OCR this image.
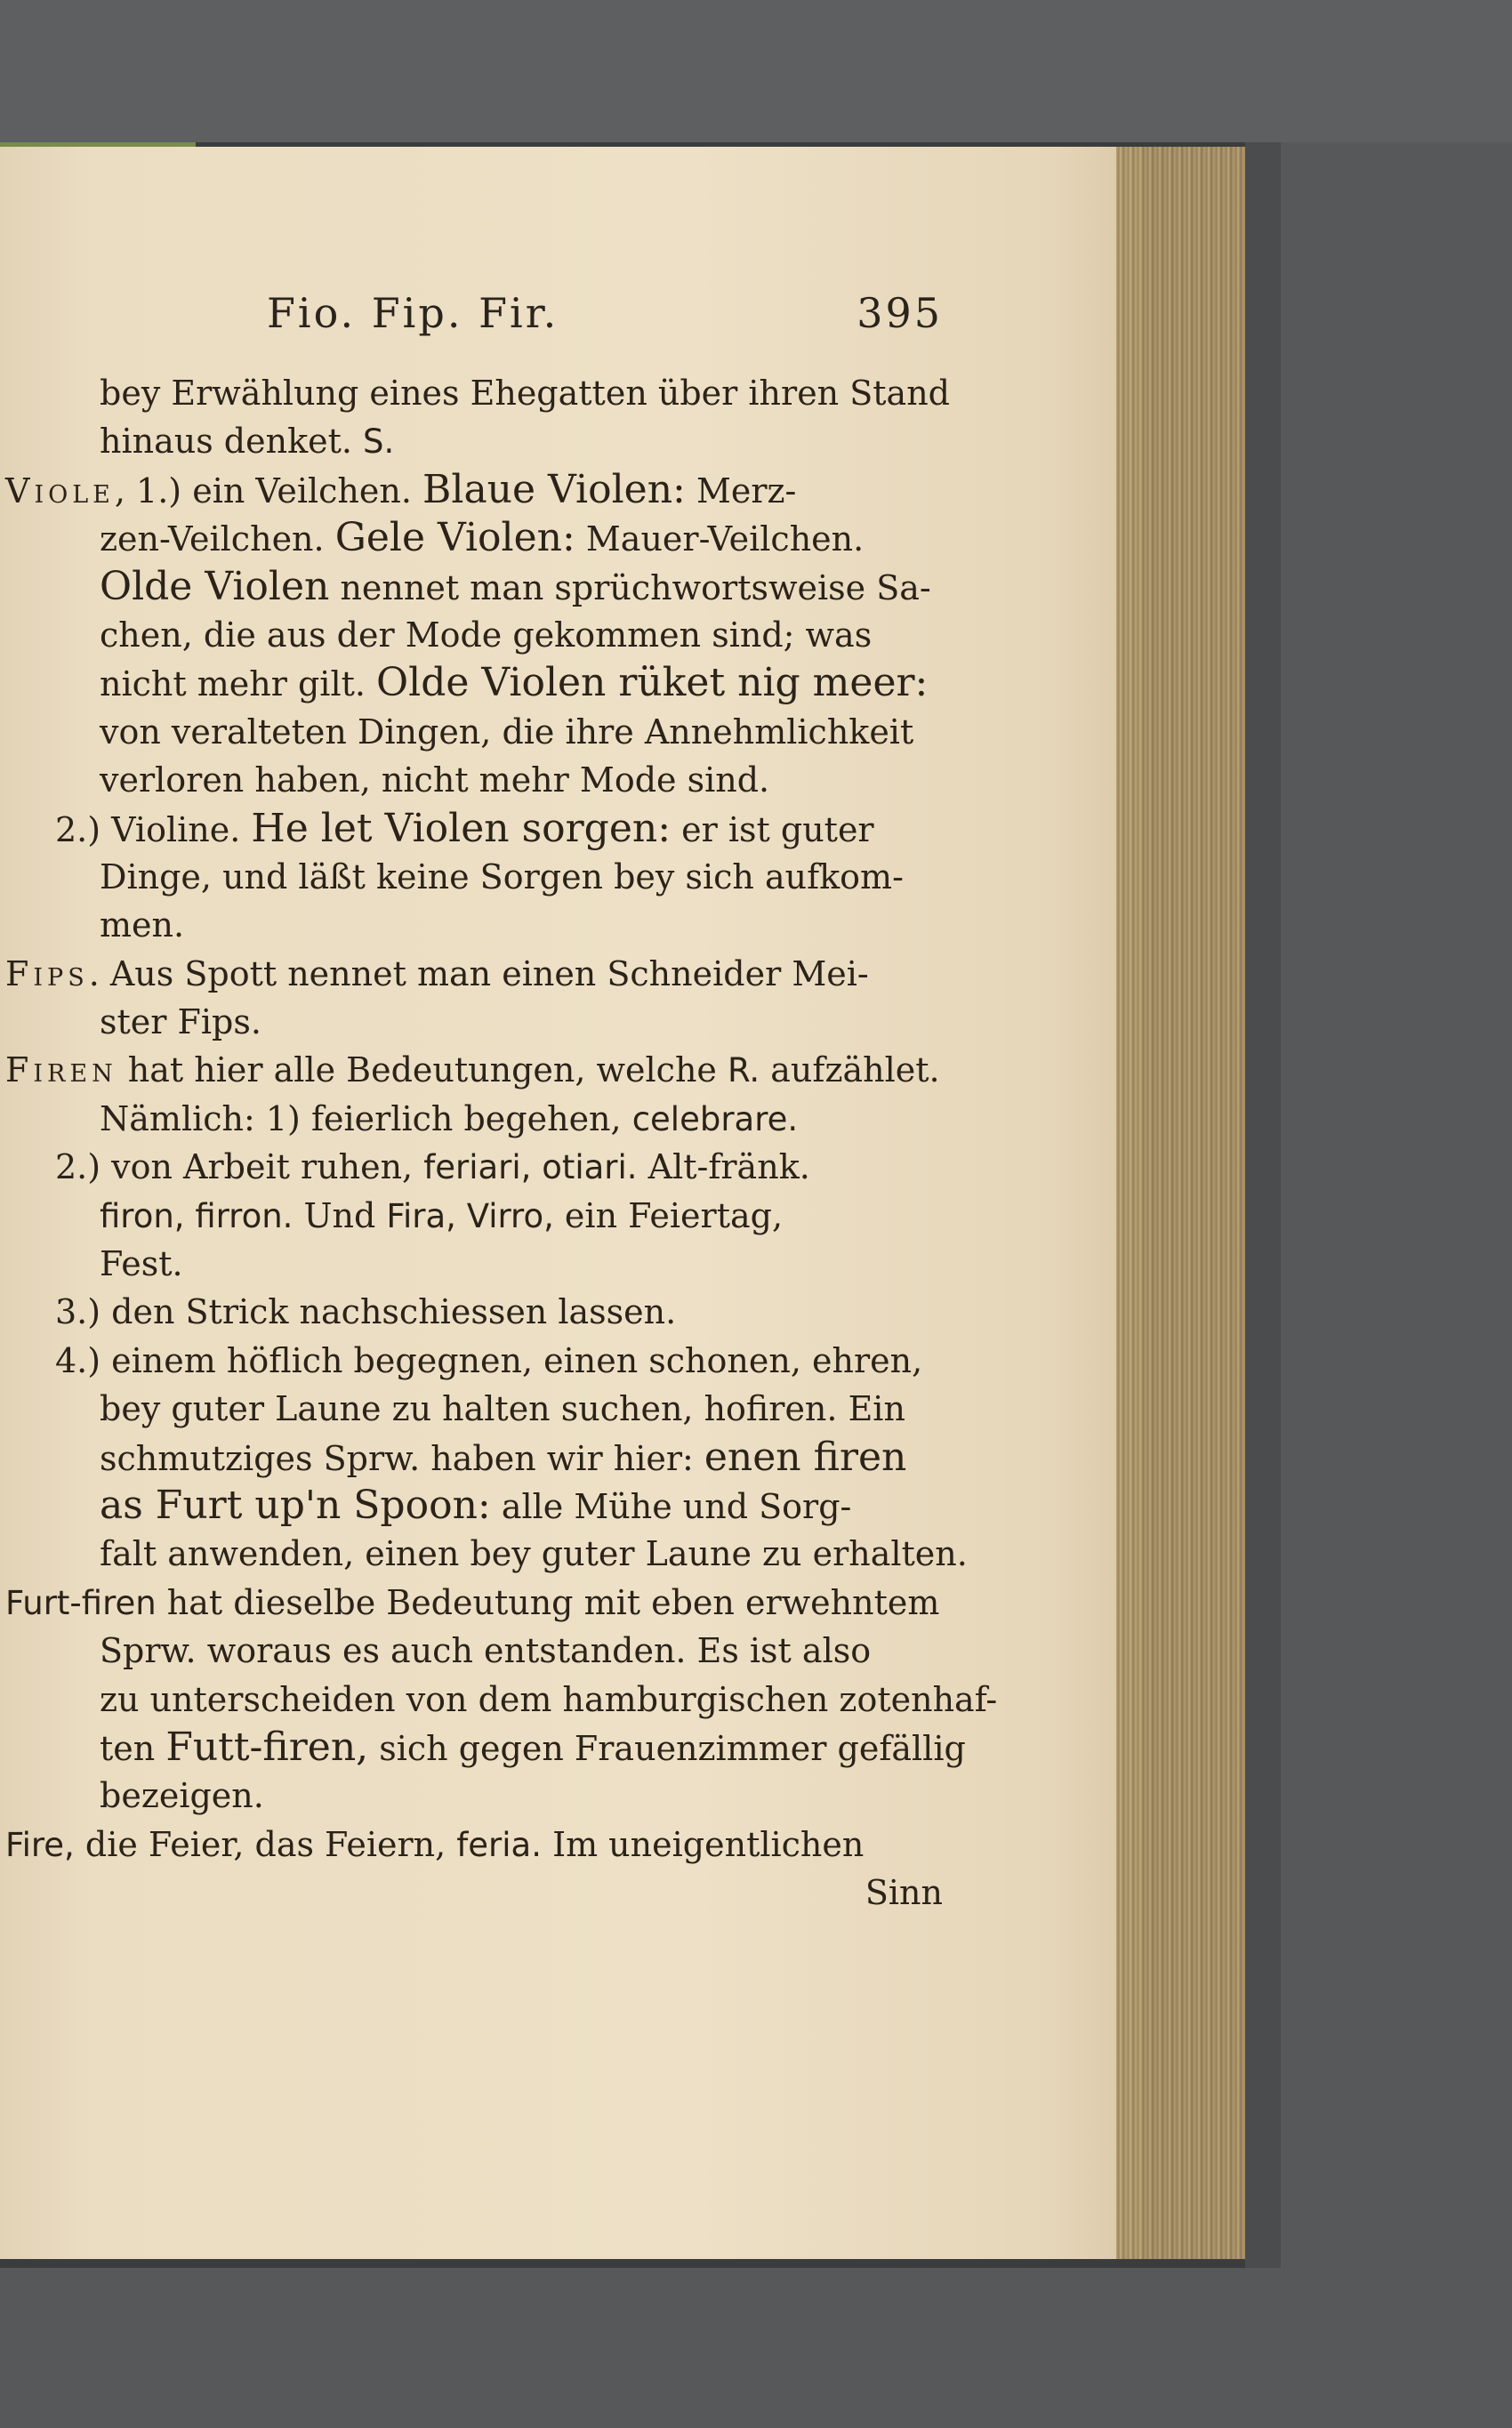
Fio. Fip. Fir.	395
bey Erwählung eines Ehegatten über ihren Stand
hinaus denket. S.
Viole, 1.) ein Veilchen. Blaue Violen: Merz-
zen-Veilchen. Gele Violen: Mauer-Veilchen.
Olde Violen nennet man sprüchwortsweise Sa-
chen, die aus der Mode gekommen sind; was
nicht mehr gilt. Olde Violen rüket nig meer:
von veralteten Dingen, die ihre Annehmlichkeit
verloren haben, nicht mehr Mode sind.
2.) Violine. He let Violen sorgen: er ist guter
Dinge, und läßt keine Sorgen bey sich aufkom-
men.
Fips. Aus Spott nennet man einen Schneider Mei-
ster Fips.
Firen hat hier alle Bedeutungen, welche R. aufzählet.
Nämlich: 1) feierlich begehen, celebrare.
2.) von Arbeit ruhen, feriari, otiari. Alt-fränk.
firon, firron. Und Fira, Virro, ein Feiertag,
Fest.
3.) den Strick nachschiessen lassen.
4.) einem höflich begegnen, einen schonen, ehren,
bey guter Laune zu halten suchen, hofiren. Ein
schmutziges Sprw. haben wir hier: enen firen
as Furt up'n Spoon: alle Mühe und Sorg-
falt anwenden, einen bey guter Laune zu erhalten.
Furt-firen hat dieselbe Bedeutung mit eben erwehntem
Sprw. woraus es auch entstanden. Es ist also
zu unterscheiden von dem hamburgischen zotenhaf-
ten Futt-firen, sich gegen Frauenzimmer gefällig
bezeigen.
Fire, die Feier, das Feiern, feria. Im uneigentlichen
Sinn
